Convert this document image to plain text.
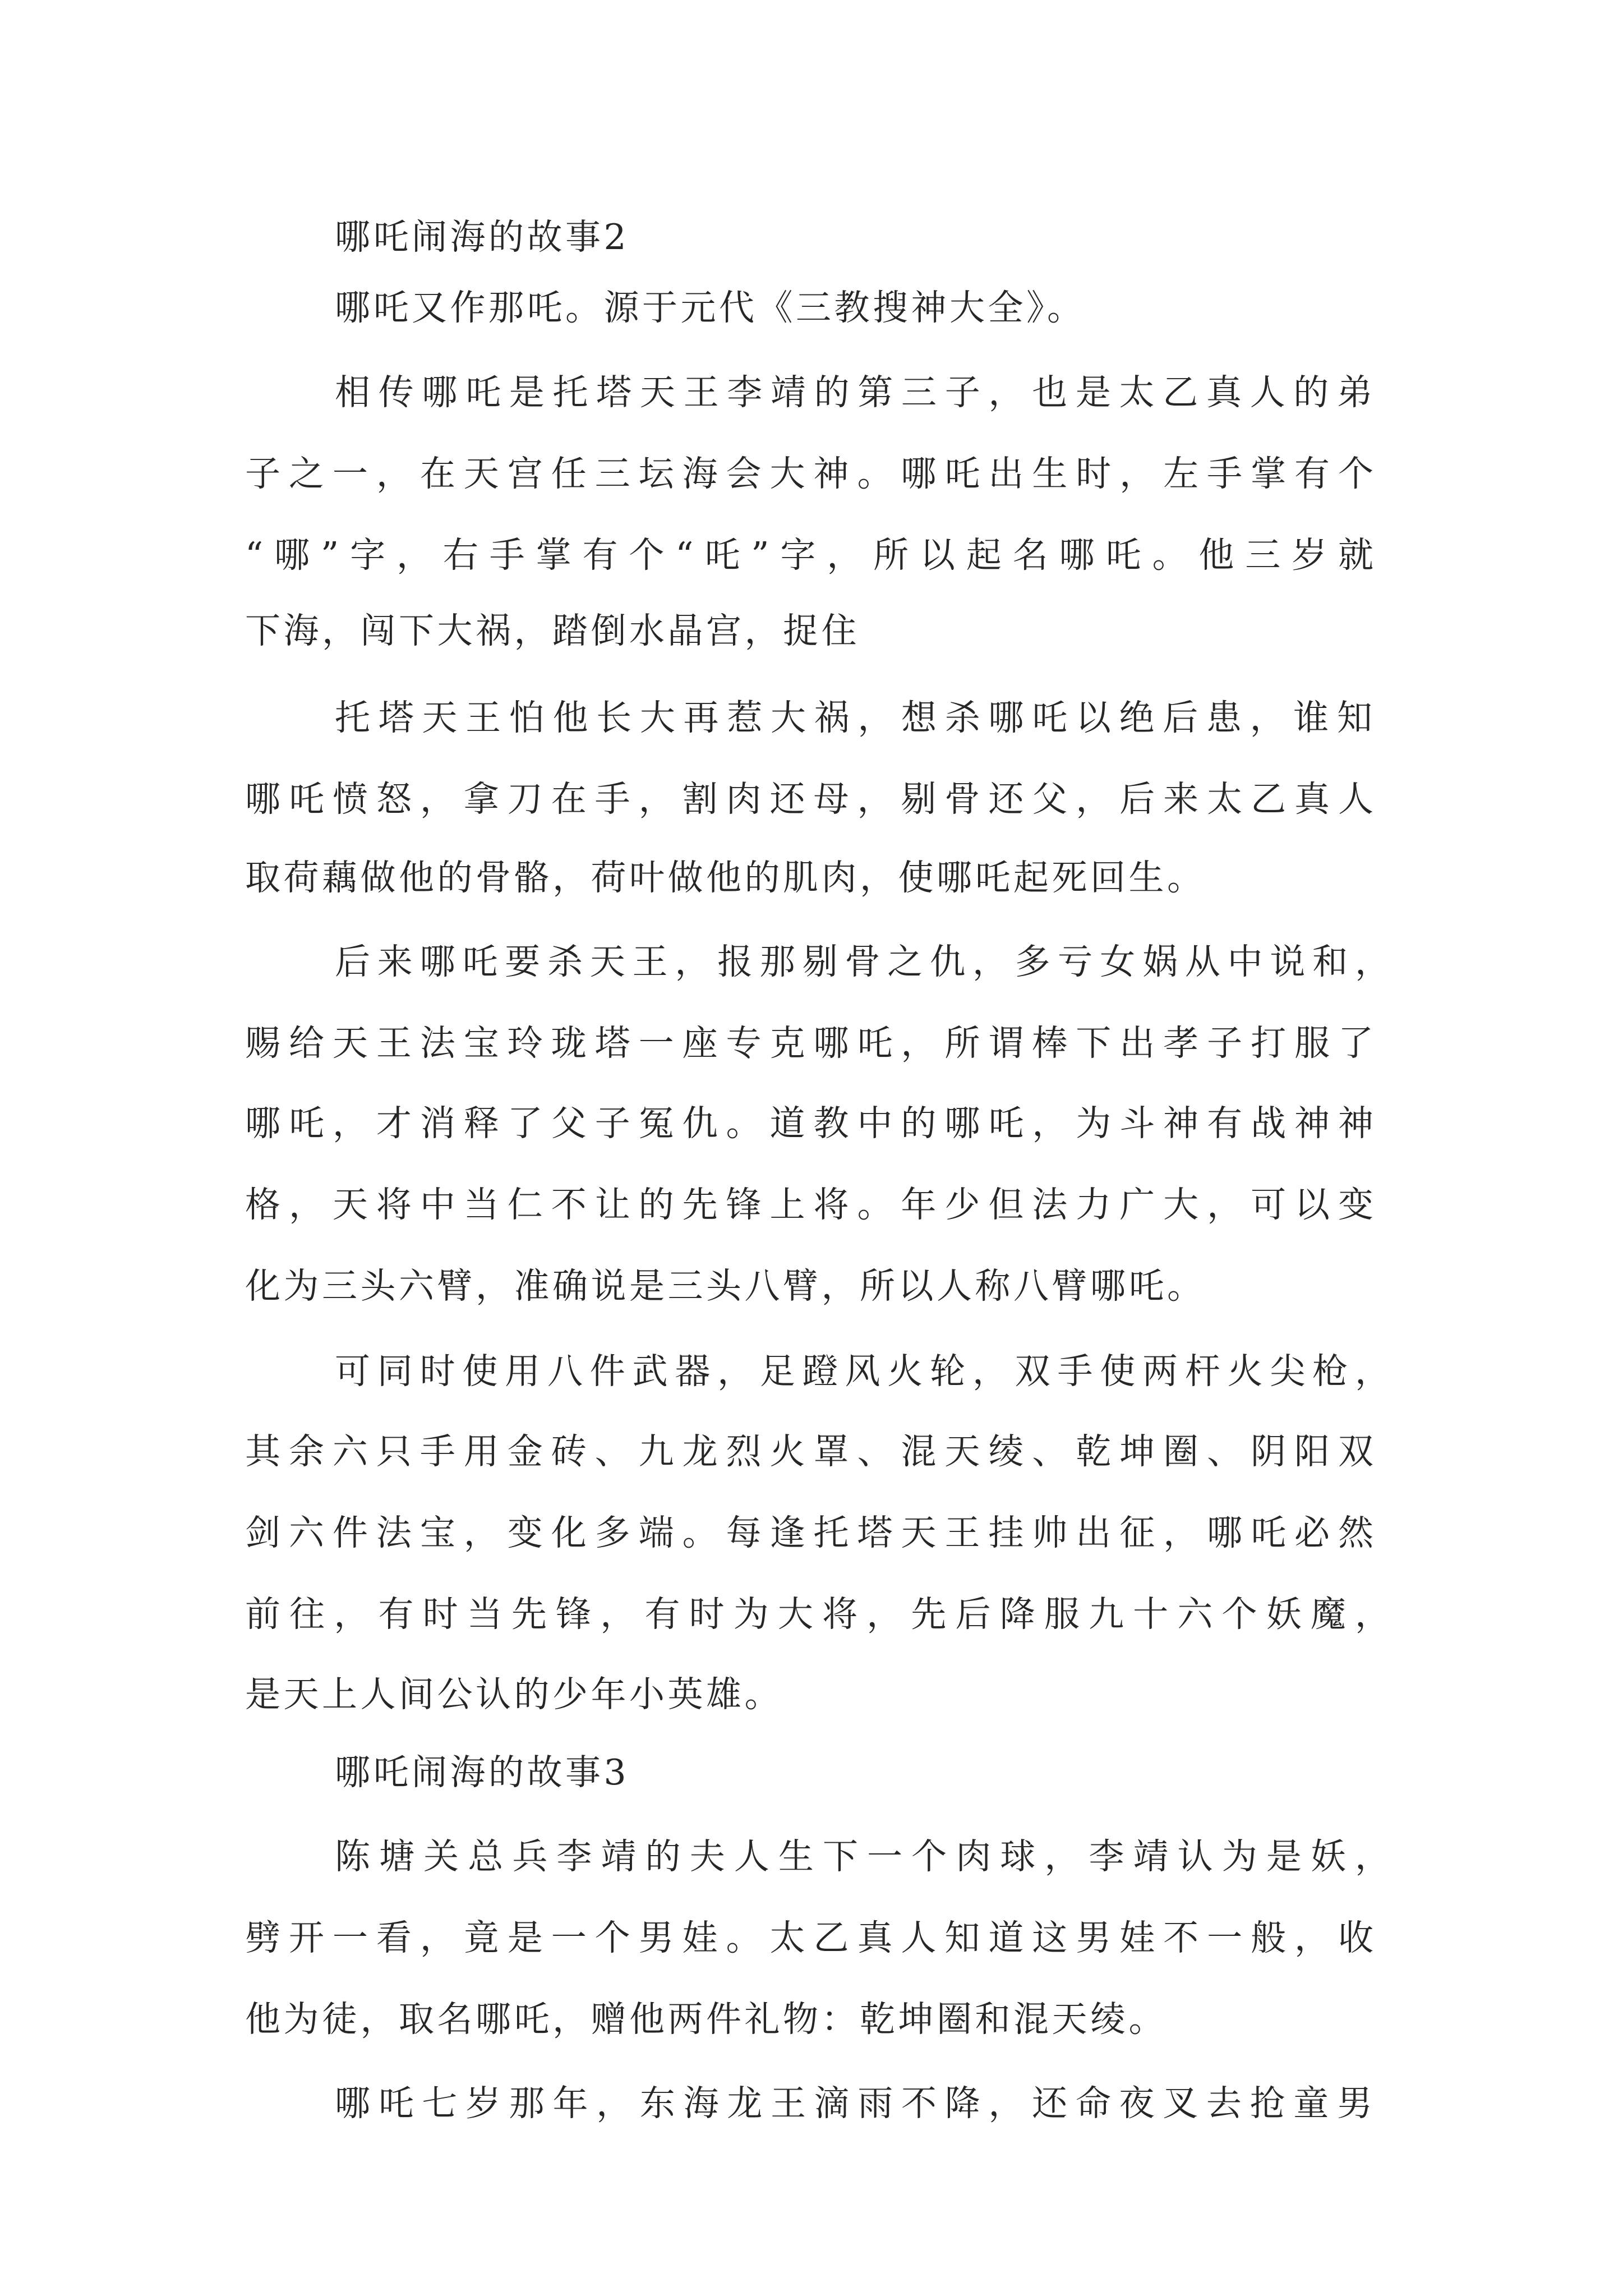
哪吒闹海的故事2

哪吒又作那吒。源于元代《三教搜神大全》。

相传哪吒是托塔天王李靖的第三子，也是太乙真人的弟

子之一，在天宫任三坛海会大神。哪吒出生时，左手掌有个

“哪”字，右手掌有个“吒”字，所以起名哪吒。他三岁就

下海，闯下大祸，踏倒水晶宫，捉住

托塔天王怕他长大再惹大祸，想杀哪吒以绝后患，谁知

哪吒愤怒，拿刀在手，割肉还母，剔骨还父，后来太乙真人

取荷藕做他的骨骼，荷叶做他的肌肉，使哪吒起死回生。

后来哪吒要杀天王，报那剔骨之仇，多亏女娲从中说和，

赐给天王法宝玲珑塔一座专克哪吒，所谓棒下出孝子打服了

哪吒，才消释了父子冤仇。道教中的哪吒，为斗神有战神神

格，天将中当仁不让的先锋上将。年少但法力广大，可以变

化为三头六臂，准确说是三头八臂，所以人称八臂哪吒。

可同时使用八件武器，足蹬风火轮，双手使两杆火尖枪，

其余六只手用金砖、九龙烈火罩、混天绫、乾坤圈、阴阳双

剑六件法宝，变化多端。每逢托塔天王挂帅出征，哪吒必然

前往，有时当先锋，有时为大将，先后降服九十六个妖魔，

是天上人间公认的少年小英雄。

哪吒闹海的故事3

陈塘关总兵李靖的夫人生下一个肉球，李靖认为是妖，

劈开一看，竟是一个男娃。太乙真人知道这男娃不一般，收

他为徒，取名哪吒，赠他两件礼物：乾坤圈和混天绫。

哪吒七岁那年，东海龙王滴雨不降，还命夜叉去抢童男
